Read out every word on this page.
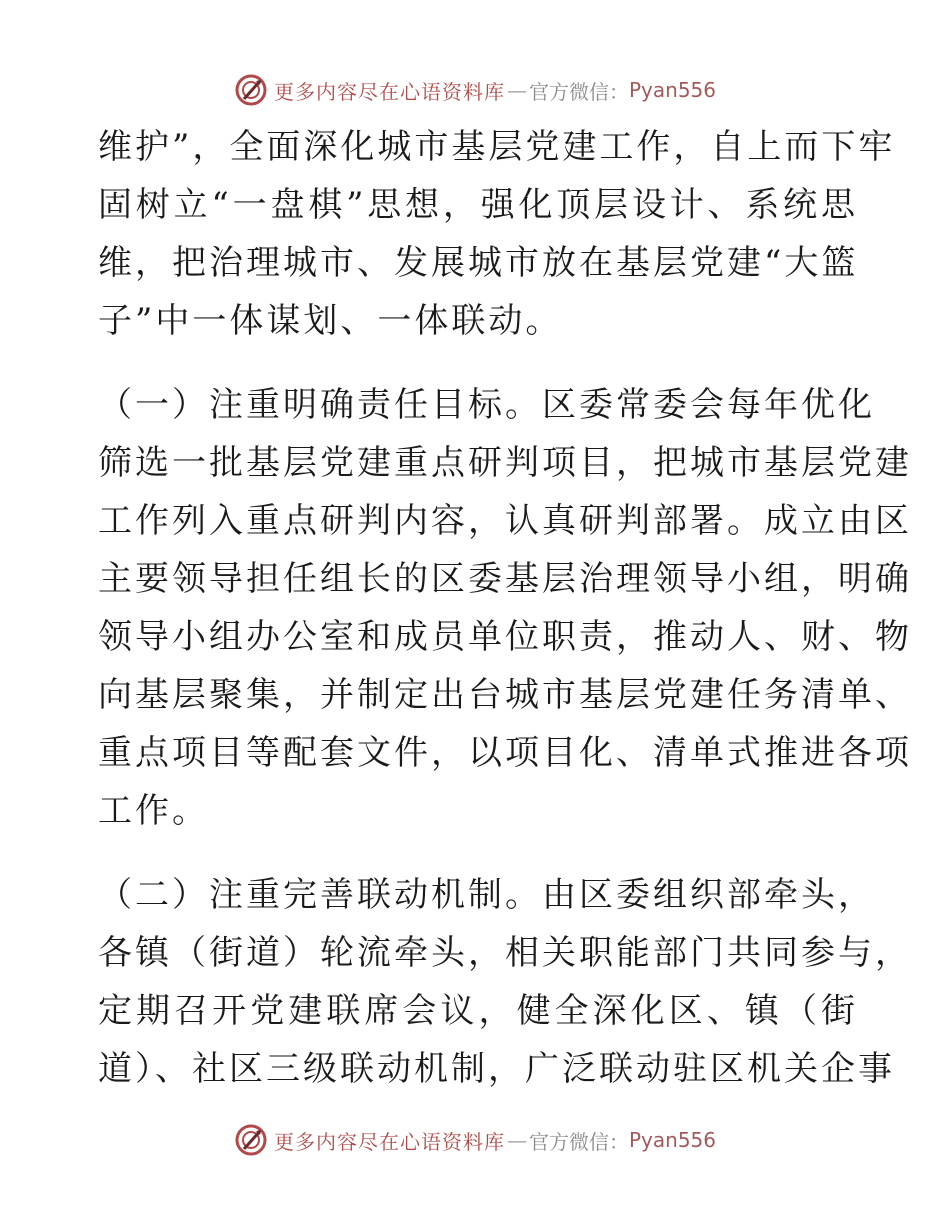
更多内容尽在心语资料库 — 官方微信： Pyan556
维护”，全面深化城市基层党建工作，自上而下牢
固树立“一盘棋”思想，强化顶层设计、系统思
维，把治理城市、发展城市放在基层党建“大篮
子”中一体谋划、一体联动。
（一）注重明确责任目标。区委常委会每年优化
筛选一批基层党建重点研判项目，把城市基层党建
工作列入重点研判内容，认真研判部署。成立由区
主要领导担任组长的区委基层治理领导小组，明确
领导小组办公室和成员单位职责，推动人、财、物
向基层聚集，并制定出台城市基层党建任务清单、
重点项目等配套文件，以项目化、清单式推进各项
工作。
（二）注重完善联动机制。由区委组织部牵头，
各镇（街道）轮流牵头，相关职能部门共同参与，
定期召开党建联席会议，健全深化区、镇（街
道）、社区三级联动机制，广泛联动驻区机关企事
更多内容尽在心语资料库 — 官方微信： Pyan556
